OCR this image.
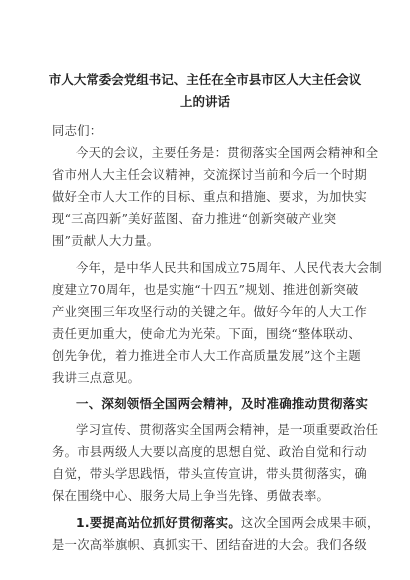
市人大常委会党组书记、主任在全市县市区人大主任会议
上的讲话
同志们：
今天的会议，主要任务是：贯彻落实全国两会精神和全
省市州人大主任会议精神，交流探讨当前和今后一个时期
做好全市人大工作的目标、重点和措施、要求，为加快实
现“三高四新”美好蓝图、奋力推进“创新突破产业突
围”贡献人大力量。
今年，是中华人民共和国成立75周年、人民代表大会制
度建立70周年，也是实施“十四五”规划、推进创新突破
产业突围三年攻坚行动的关键之年。做好今年的人大工作
责任更加重大，使命尤为光荣。下面，围绕“整体联动、
创先争优，着力推进全市人大工作高质量发展”这个主题
我讲三点意见。
一、深刻领悟全国两会精神，及时准确推动贯彻落实
学习宣传、贯彻落实全国两会精神，是一项重要政治任
务。市县两级人大要以高度的思想自觉、政治自觉和行动
自觉，带头学思践悟，带头宣传宣讲，带头贯彻落实，确
保在围绕中心、服务大局上争当先锋、勇做表率。
1.要提高站位抓好贯彻落实。这次全国两会成果丰硕，
是一次高举旗帜、真抓实干、团结奋进的大会。我们各级
